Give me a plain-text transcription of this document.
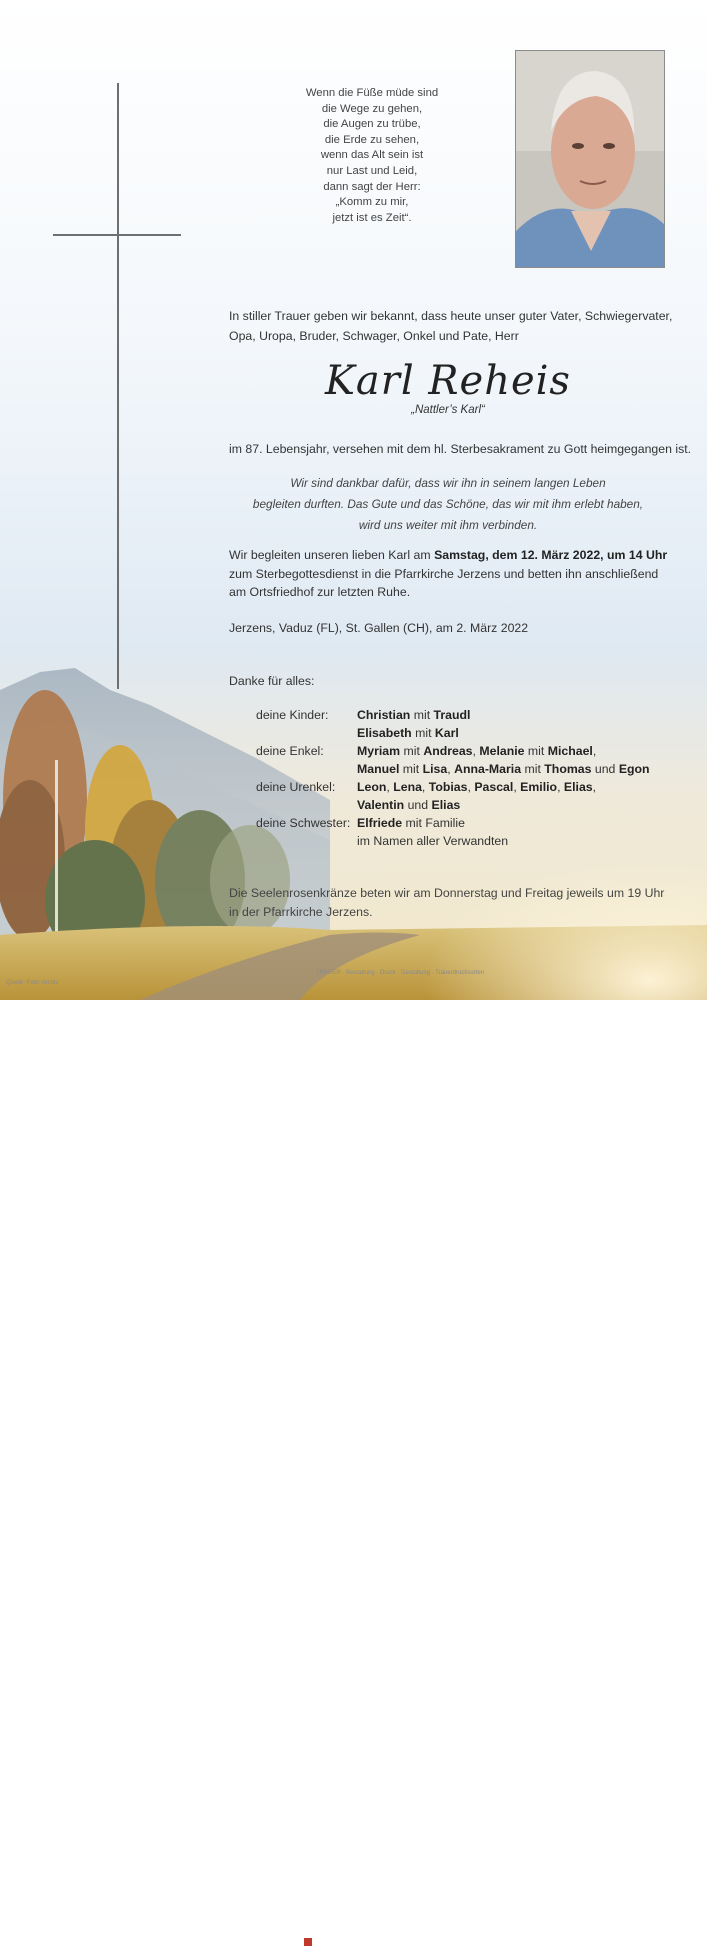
Wenn die Füße müde sind
die Wege zu gehen,
die Augen zu trübe,
die Erde zu sehen,
wenn das Alt sein ist
nur Last und Leid,
dann sagt der Herr:
„Komm zu mir,
jetzt ist es Zeit“.
In stiller Trauer geben wir bekannt, dass heute unser guter Vater, Schwiegervater,
Opa, Uropa, Bruder, Schwager, Onkel und Pate, Herr
Karl Reheis
„Nattler’s Karl“
im 87. Lebensjahr, versehen mit dem hl. Sterbesakrament zu Gott heimgegangen ist.
Wir sind dankbar dafür, dass wir ihn in seinem langen Leben
begleiten durften. Das Gute und das Schöne, das wir mit ihm erlebt haben,
wird uns weiter mit ihm verbinden.
Wir begleiten unseren lieben Karl am Samstag, dem 12. März 2022, um 14 Uhr
zum Sterbegottesdienst in die Pfarrkirche Jerzens und betten ihn anschließend
am Ortsfriedhof zur letzten Ruhe.
Jerzens, Vaduz (FL), St. Gallen (CH), am 2. März 2022
Danke für alles:
deine Kinder: Christian mit Traudl
Elisabeth mit Karl
deine Enkel:	Myriam mit Andreas, Melanie mit Michael,
Manuel mit Lisa, Anna-Maria mit Thomas und Egon
deine Urenkel: Leon, Lena, Tobias, Pascal, Emilio, Elias,
Valentin und Elias
deine Schwester: Elfriede mit Familie
im Namen aller Verwandten
Die Seelenrosenkränze beten wir am Donnerstag und Freitag jeweils um 19 Uhr
in der Pfarrkirche Jerzens.
Quelle: Foto: Archiv
TRAUER · Bestattung · Druck · Gestaltung · Trauerdrucksorten
